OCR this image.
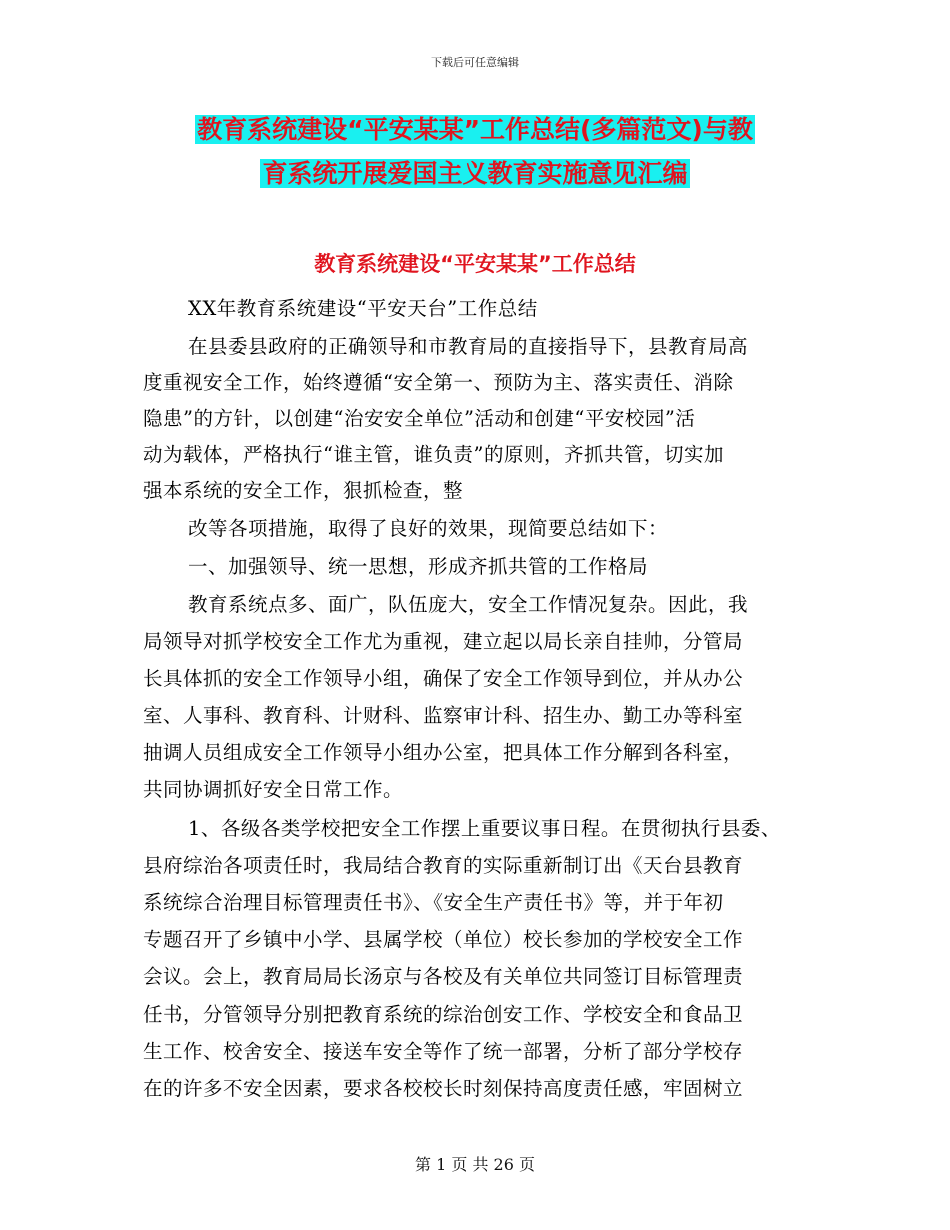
下载后可任意编辑
教育系统建设“平安某某”工作总结(多篇范文)与教
育系统开展爱国主义教育实施意见汇编
教育系统建设“平安某某”工作总结
XX年教育系统建设“平安天台”工作总结
在县委县政府的正确领导和市教育局的直接指导下，县教育局高
度重视安全工作，始终遵循“安全第一、预防为主、落实责任、消除
隐患”的方针，以创建“治安安全单位”活动和创建“平安校园”活
动为载体，严格执行“谁主管，谁负责”的原则，齐抓共管，切实加
强本系统的安全工作，狠抓检查，整
改等各项措施，取得了良好的效果，现简要总结如下：
一、加强领导、统一思想，形成齐抓共管的工作格局
教育系统点多、面广，队伍庞大，安全工作情况复杂。因此，我
局领导对抓学校安全工作尤为重视，建立起以局长亲自挂帅，分管局
长具体抓的安全工作领导小组，确保了安全工作领导到位，并从办公
室、人事科、教育科、计财科、监察审计科、招生办、勤工办等科室
抽调人员组成安全工作领导小组办公室，把具体工作分解到各科室，
共同协调抓好安全日常工作。
1、各级各类学校把安全工作摆上重要议事日程。在贯彻执行县委、
县府综治各项责任时，我局结合教育的实际重新制订出《天台县教育
系统综合治理目标管理责任书》、《安全生产责任书》等，并于年初
专题召开了乡镇中小学、县属学校（单位）校长参加的学校安全工作
会议。会上，教育局局长汤京与各校及有关单位共同签订目标管理责
任书，分管领导分别把教育系统的综治创安工作、学校安全和食品卫
生工作、校舍安全、接送车安全等作了统一部署，分析了部分学校存
在的许多不安全因素，要求各校校长时刻保持高度责任感，牢固树立
第 1 页 共 26 页
